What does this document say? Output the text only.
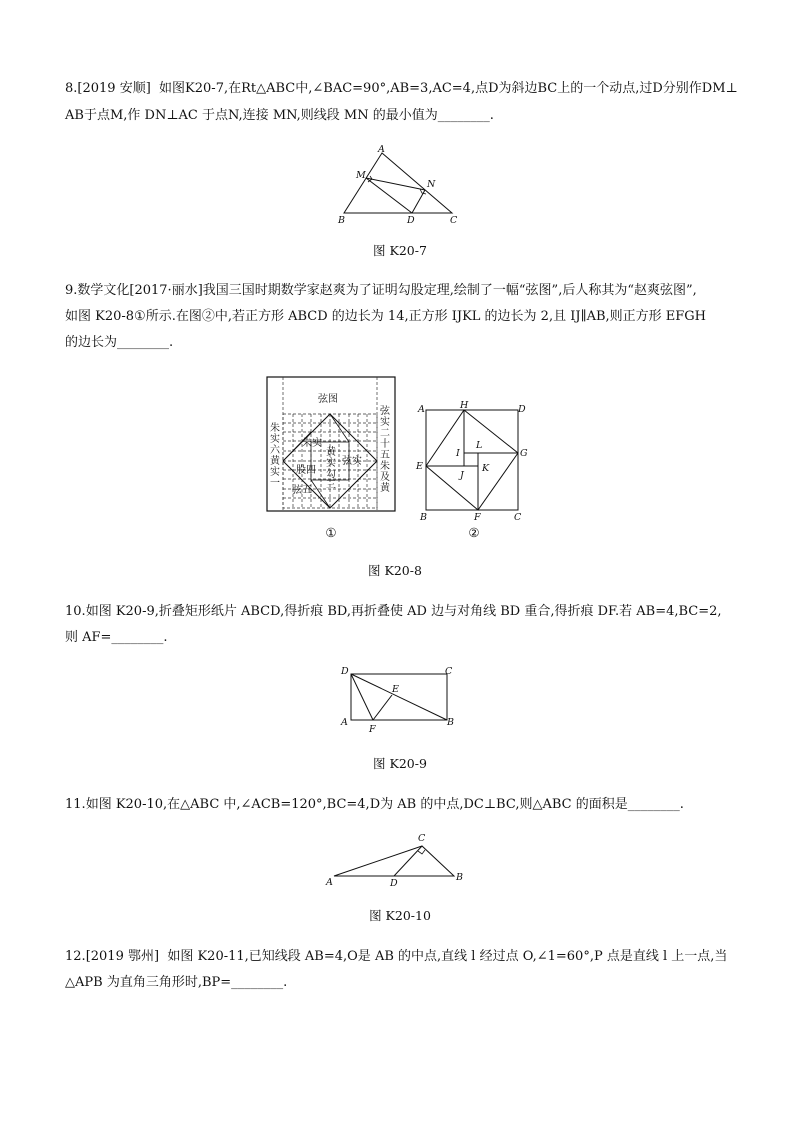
8.[2019 安顺] 如图K20-7,在Rt△ABC中,∠BAC=90°,AB=3,AC=4,点D为斜边BC上的一个动点,过D分别作DM⊥
AB于点M,作 DN⊥AC 于点N,连接 MN,则线段 MN 的最小值为________.
A
M
N
B	D	C
图 K20-7
9.数学文化[2017·丽水]我国三国时期数学家赵爽为了证明勾股定理,绘制了一幅“弦图”,后人称其为“赵爽弦图”,
如图 K20-8①所示.在图②中,若正方形 ABCD 的边长为 14,正方形 IJKL 的边长为 2,且 IJ∥AB,则正方形 EFGH
的边长为________.
弦图
朱
实
六
黄
实
一
弦
实
二
十
五
朱
及
黄
朱实
黄
实 弦实
股四 勾
三
弦五
①
A	H	D
L
I
E
G
J
K
B	F	C
②
图 K20-8
10.如图 K20-9,折叠矩形纸片 ABCD,得折痕 BD,再折叠使 AD 边与对角线 BD 重合,得折痕 DF.若 AB=4,BC=2,
则 AF=________.
D	C
E
A
F
B
图 K20-9
11.如图 K20-10,在△ABC 中,∠ACB=120°,BC=4,D为 AB 的中点,DC⊥BC,则△ABC 的面积是________.
C
A	D
B
图 K20-10
12.[2019 鄂州] 如图 K20-11,已知线段 AB=4,O是 AB 的中点,直线 l 经过点 O,∠1=60°,P 点是直线 l 上一点,当
△APB 为直角三角形时,BP=________.
